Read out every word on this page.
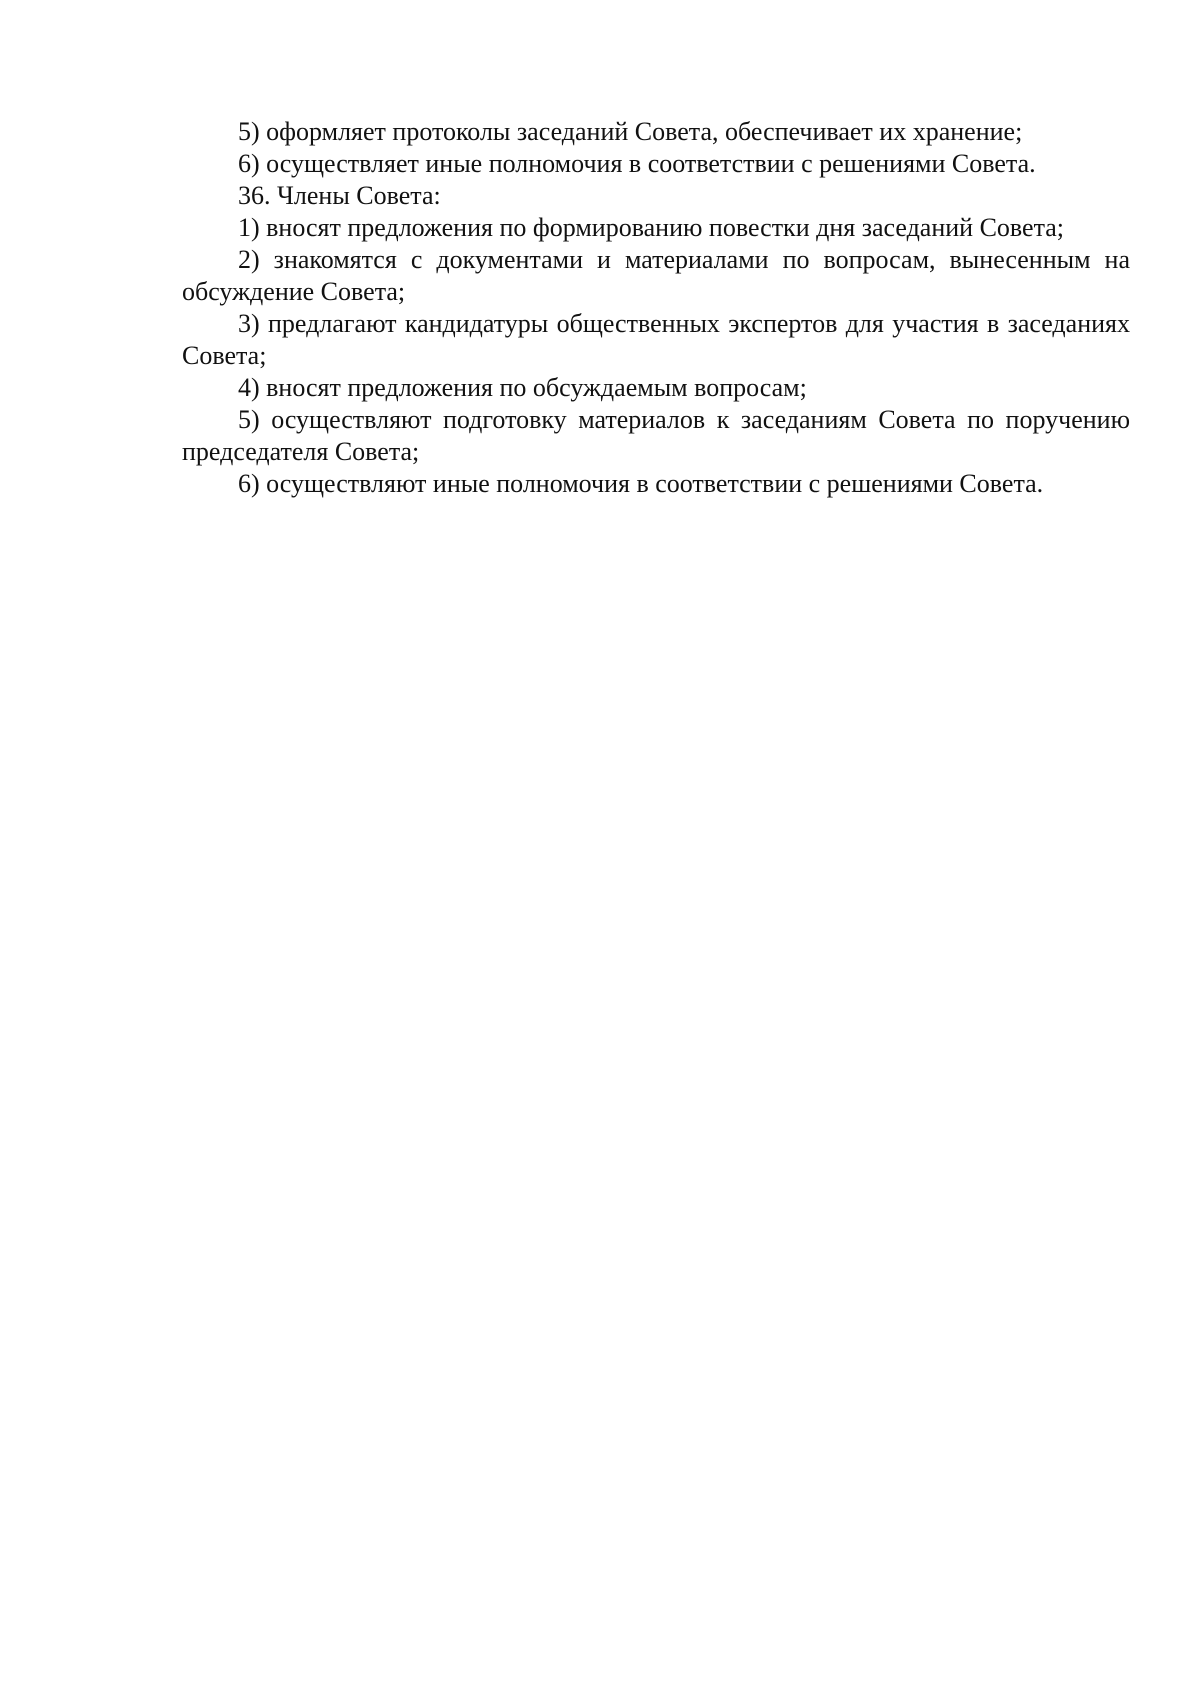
5) оформляет протоколы заседаний Совета, обеспечивает их хранение;

6) осуществляет иные полномочия в соответствии с решениями Совета.

36. Члены Совета:

1) вносят предложения по формированию повестки дня заседаний Совета;

2) знакомятся с документами и материалами по вопросам, вынесенным на обсуждение Совета;

3) предлагают кандидатуры общественных экспертов для участия в заседаниях Совета;

4) вносят предложения по обсуждаемым вопросам;

5) осуществляют подготовку материалов к заседаниям Совета по поручению председателя Совета;

6) осуществляют иные полномочия в соответствии с решениями Совета.
